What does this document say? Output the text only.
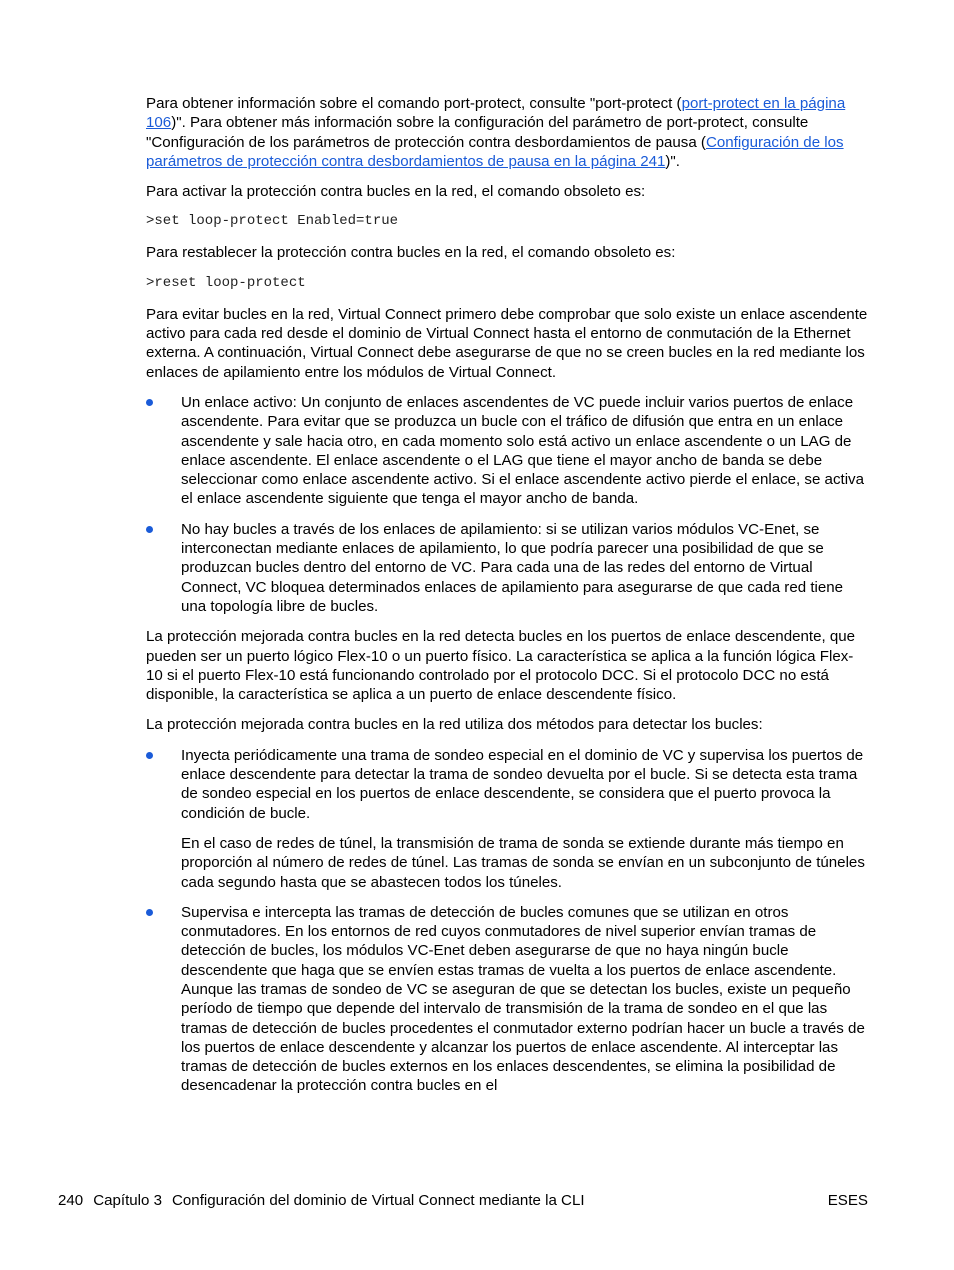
Para obtener información sobre el comando port-protect, consulte "port-protect (port-protect en la página 106)". Para obtener más información sobre la configuración del parámetro de port-protect, consulte "Configuración de los parámetros de protección contra desbordamientos de pausa (Configuración de los parámetros de protección contra desbordamientos de pausa en la página 241)".

Para activar la protección contra bucles en la red, el comando obsoleto es:

>set loop-protect Enabled=true

Para restablecer la protección contra bucles en la red, el comando obsoleto es:

>reset loop-protect

Para evitar bucles en la red, Virtual Connect primero debe comprobar que solo existe un enlace ascendente activo para cada red desde el dominio de Virtual Connect hasta el entorno de conmutación de la Ethernet externa. A continuación, Virtual Connect debe asegurarse de que no se creen bucles en la red mediante los enlaces de apilamiento entre los módulos de Virtual Connect.

Un enlace activo: Un conjunto de enlaces ascendentes de VC puede incluir varios puertos de enlace ascendente. Para evitar que se produzca un bucle con el tráfico de difusión que entra en un enlace ascendente y sale hacia otro, en cada momento solo está activo un enlace ascendente o un LAG de enlace ascendente. El enlace ascendente o el LAG que tiene el mayor ancho de banda se debe seleccionar como enlace ascendente activo. Si el enlace ascendente activo pierde el enlace, se activa el enlace ascendente siguiente que tenga el mayor ancho de banda.

No hay bucles a través de los enlaces de apilamiento: si se utilizan varios módulos VC-Enet, se interconectan mediante enlaces de apilamiento, lo que podría parecer una posibilidad de que se produzcan bucles dentro del entorno de VC. Para cada una de las redes del entorno de Virtual Connect, VC bloquea determinados enlaces de apilamiento para asegurarse de que cada red tiene una topología libre de bucles.

La protección mejorada contra bucles en la red detecta bucles en los puertos de enlace descendente, que pueden ser un puerto lógico Flex-10 o un puerto físico. La característica se aplica a la función lógica Flex-10 si el puerto Flex-10 está funcionando controlado por el protocolo DCC. Si el protocolo DCC no está disponible, la característica se aplica a un puerto de enlace descendente físico.

La protección mejorada contra bucles en la red utiliza dos métodos para detectar los bucles:

Inyecta periódicamente una trama de sondeo especial en el dominio de VC y supervisa los puertos de enlace descendente para detectar la trama de sondeo devuelta por el bucle. Si se detecta esta trama de sondeo especial en los puertos de enlace descendente, se considera que el puerto provoca la condición de bucle.

En el caso de redes de túnel, la transmisión de trama de sonda se extiende durante más tiempo en proporción al número de redes de túnel. Las tramas de sonda se envían en un subconjunto de túneles cada segundo hasta que se abastecen todos los túneles.

Supervisa e intercepta las tramas de detección de bucles comunes que se utilizan en otros conmutadores. En los entornos de red cuyos conmutadores de nivel superior envían tramas de detección de bucles, los módulos VC-Enet deben asegurarse de que no haya ningún bucle descendente que haga que se envíen estas tramas de vuelta a los puertos de enlace ascendente. Aunque las tramas de sondeo de VC se aseguran de que se detectan los bucles, existe un pequeño período de tiempo que depende del intervalo de transmisión de la trama de sondeo en el que las tramas de detección de bucles procedentes el conmutador externo podrían hacer un bucle a través de los puertos de enlace descendente y alcanzar los puertos de enlace ascendente. Al interceptar las tramas de detección de bucles externos en los enlaces descendentes, se elimina la posibilidad de desencadenar la protección contra bucles en el

240 Capítulo 3 Configuración del dominio de Virtual Connect mediante la CLI	ESES
